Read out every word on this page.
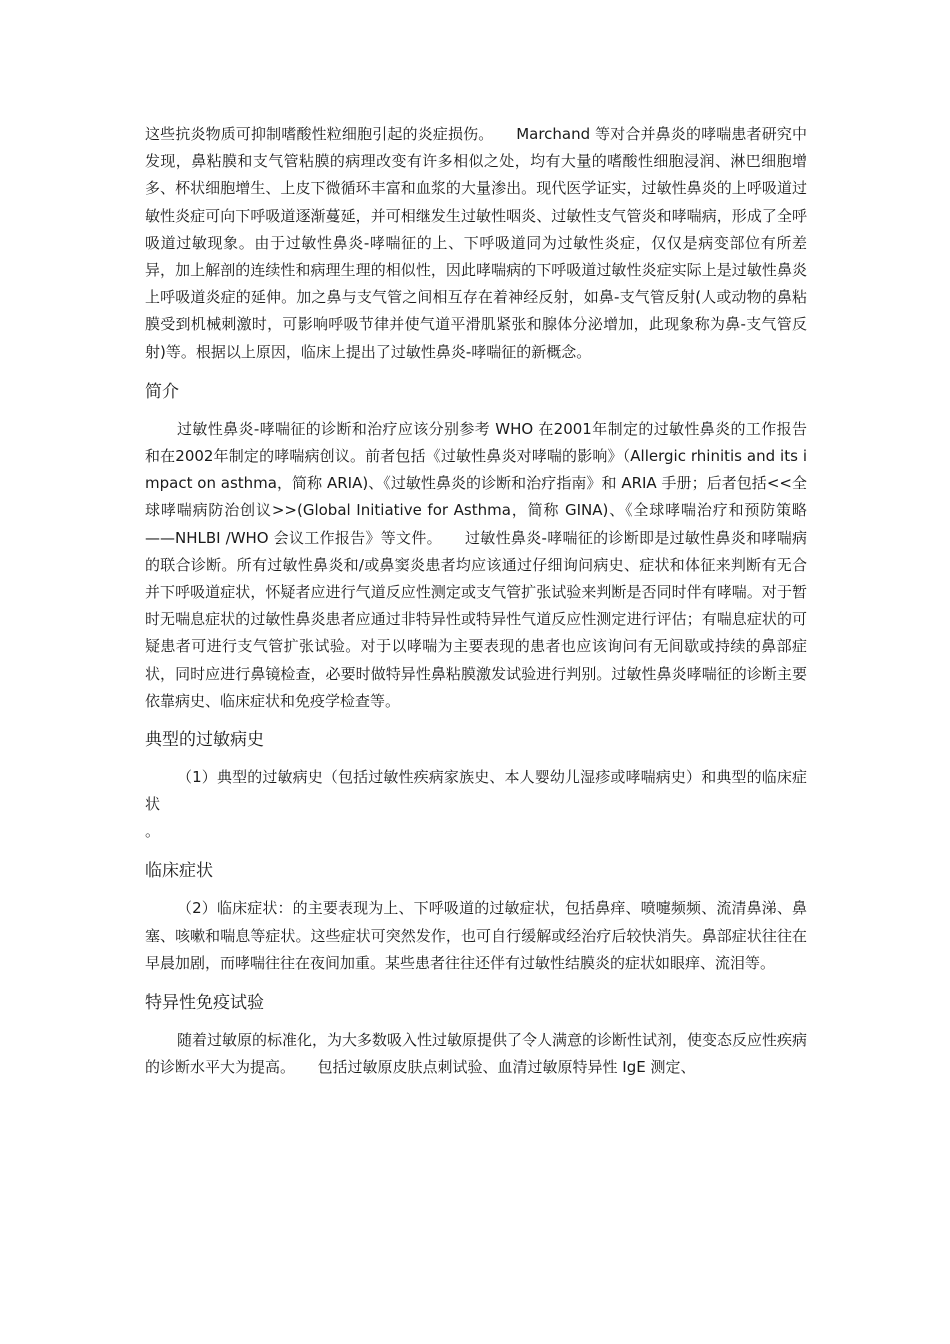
这些抗炎物质可抑制嗜酸性粒细胞引起的炎症损伤。　　Marchand 等对合并鼻炎的哮喘患者研究中发现，鼻粘膜和支气管粘膜的病理改变有许多相似之处，均有大量的嗜酸性细胞浸润、淋巴细胞增多、杯状细胞增生、上皮下微循环丰富和血浆的大量渗出。现代医学证实，过敏性鼻炎的上呼吸道过敏性炎症可向下呼吸道逐渐蔓延，并可相继发生过敏性咽炎、过敏性支气管炎和哮喘病，形成了全呼吸道过敏现象。由于过敏性鼻炎-哮喘征的上、下呼吸道同为过敏性炎症，仅仅是病变部位有所差异，加上解剖的连续性和病理生理的相似性，因此哮喘病的下呼吸道过敏性炎症实际上是过敏性鼻炎上呼吸道炎症的延伸。加之鼻与支气管之间相互存在着神经反射，如鼻-支气管反射(人或动物的鼻粘膜受到机械刺激时，可影响呼吸节律并使气道平滑肌紧张和腺体分泌增加，此现象称为鼻-支气管反射)等。根据以上原因，临床上提出了过敏性鼻炎-哮喘征的新概念。

简介

过敏性鼻炎-哮喘征的诊断和治疗应该分别参考 WHO 在2001年制定的过敏性鼻炎的工作报告和在2002年制定的哮喘病创议。前者包括《过敏性鼻炎对哮喘的影响》（Allergic rhinitis and its impact on asthma，简称 ARIA)、《过敏性鼻炎的诊断和治疗指南》和 ARIA 手册；后者包括<<全球哮喘病防治创议>>(Global Initiative for Asthma，简称 GINA)、《全球哮喘治疗和预防策略——NHLBI /WHO 会议工作报告》等文件。　　过敏性鼻炎-哮喘征的诊断即是过敏性鼻炎和哮喘病的联合诊断。所有过敏性鼻炎和/或鼻窦炎患者均应该通过仔细询问病史、症状和体征来判断有无合并下呼吸道症状，怀疑者应进行气道反应性测定或支气管扩张试验来判断是否同时伴有哮喘。对于暂时无喘息症状的过敏性鼻炎患者应通过非特异性或特异性气道反应性测定进行评估；有喘息症状的可疑患者可进行支气管扩张试验。对于以哮喘为主要表现的患者也应该询问有无间歇或持续的鼻部症状，同时应进行鼻镜检查，必要时做特异性鼻粘膜激发试验进行判别。过敏性鼻炎哮喘征的诊断主要依靠病史、临床症状和免疫学检查等。

典型的过敏病史

（1）典型的过敏病史（包括过敏性疾病家族史、本人婴幼儿湿疹或哮喘病史）和典型的临床症状

。

临床症状

（2）临床症状：的主要表现为上、下呼吸道的过敏症状，包括鼻痒、喷嚏频频、流清鼻涕、鼻塞、咳嗽和喘息等症状。这些症状可突然发作，也可自行缓解或经治疗后较快消失。鼻部症状往往在早晨加剧，而哮喘往往在夜间加重。某些患者往往还伴有过敏性结膜炎的症状如眼痒、流泪等。

特异性免疫试验

随着过敏原的标准化，为大多数吸入性过敏原提供了令人满意的诊断性试剂，使变态反应性疾病的诊断水平大为提高。　　包括过敏原皮肤点刺试验、血清过敏原特异性 IgE 测定、
